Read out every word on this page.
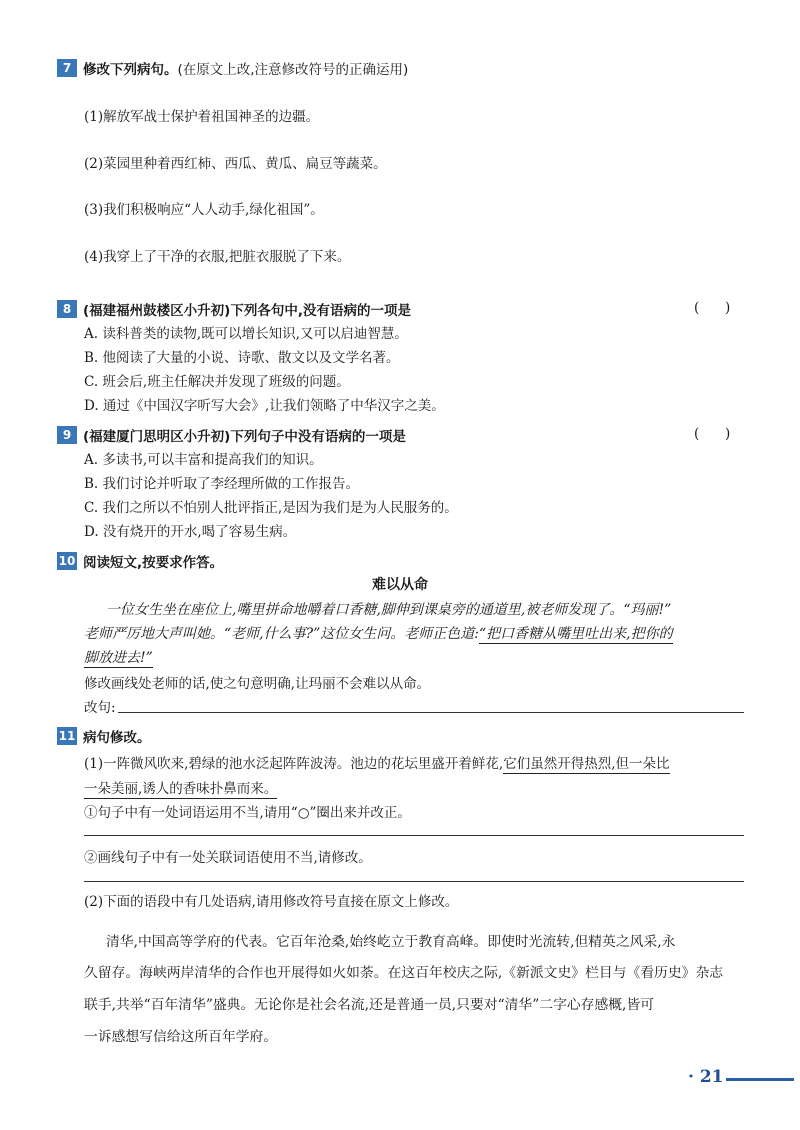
7 修改下列病句。 (在原文上改,注意修改符号的正确运用)
(1)解放军战士保护着祖国神圣的边疆。
(2)菜园里种着西红柿、西瓜、黄瓜、扁豆等蔬菜。
(3)我们积极响应“人人动手,绿化祖国”。
(4)我穿上了干净的衣服,把脏衣服脱了下来。
8 (福建福州鼓楼区小升初)下列各句中,没有语病的一项是	(      )
A. 读科普类的读物,既可以增长知识,又可以启迪智慧。
B. 他阅读了大量的小说、诗歌、散文以及文学名著。
C. 班会后,班主任解决并发现了班级的问题。
D. 通过《中国汉字听写大会》,让我们领略了中华汉字之美。
9 (福建厦门思明区小升初)下列句子中没有语病的一项是	(      )
A. 多读书,可以丰富和提高我们的知识。
B. 我们讨论并听取了李经理所做的工作报告。
C. 我们之所以不怕别人批评指正,是因为我们是为人民服务的。
D. 没有烧开的开水,喝了容易生病。
10 阅读短文,按要求作答。
难以从命
一位女生坐在座位上,嘴里拼命地嚼着口香糖,脚伸到课桌旁的通道里,被老师发现了。“玛丽!”
老师严厉地大声叫她。“老师,什么事?”这位女生问。老师正色道:“把口香糖从嘴里吐出来,把你的
脚放进去!”
修改画线处老师的话,使之句意明确,让玛丽不会难以从命。
改句:
11 病句修改。
(1)一阵微风吹来,碧绿的池水泛起阵阵波涛。池边的花坛里盛开着鲜花,它们虽然开得热烈,但一朵比
一朵美丽,诱人的香味扑鼻而来。
①句子中有一处词语运用不当,请用“○”圈出来并改正。
②画线句子中有一处关联词语使用不当,请修改。
(2)下面的语段中有几处语病,请用修改符号直接在原文上修改。
清华,中国高等学府的代表。它百年沧桑,始终屹立于教育高峰。即使时光流转,但精英之风采,永
久留存。海峡两岸清华的合作也开展得如火如荼。在这百年校庆之际,《新派文史》栏目与《看历史》杂志
联手,共举“百年清华”盛典。无论你是社会名流,还是普通一员,只要对“清华”二字心存感概,皆可
一诉感想写信给这所百年学府。
· 21
